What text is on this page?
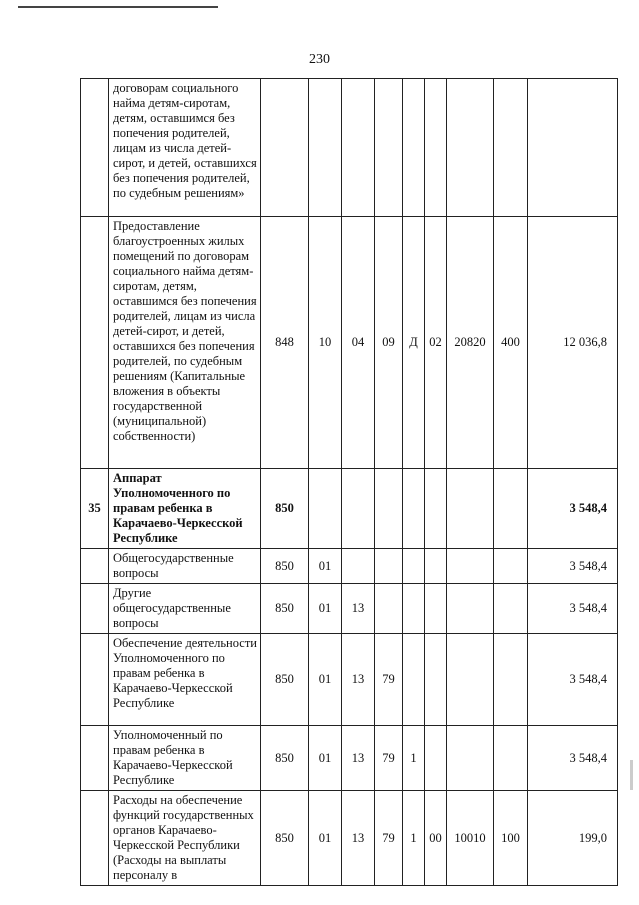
230
	договорам социального найма детям-сиротам, детям, оставшимся без попечения родителей, лицам из числа детей-сирот, и детей, оставшихся без попечения родителей, по судебным решениям»									
	Предоставление благоустроенных жилых помещений по договорам социального найма детям-сиротам, детям, оставшимся без попечения родителей, лицам из числа детей-сирот, и детей, оставшихся без попечения родителей, по судебным решениям (Капитальные вложения в объекты государственной (муниципальной) собственности)	848	10	04	09	Д	02	20820	400	12 036,8
35	Аппарат Уполномоченного по правам ребенка в Карачаево-Черкесской Республике	850								3 548,4
	Общегосударственные вопросы	850	01							3 548,4
	Другие общегосударственные вопросы	850	01	13						3 548,4
	Обеспечение деятельности Уполномоченного по правам ребенка в Карачаево-Черкесской Республике	850	01	13	79					3 548,4
	Уполномоченный по правам ребенка в Карачаево-Черкесской Республике	850	01	13	79	1				3 548,4
	Расходы на обеспечение функций государственных органов Карачаево-Черкесской Республики (Расходы на выплаты персоналу в	850	01	13	79	1	00	10010	100	199,0
